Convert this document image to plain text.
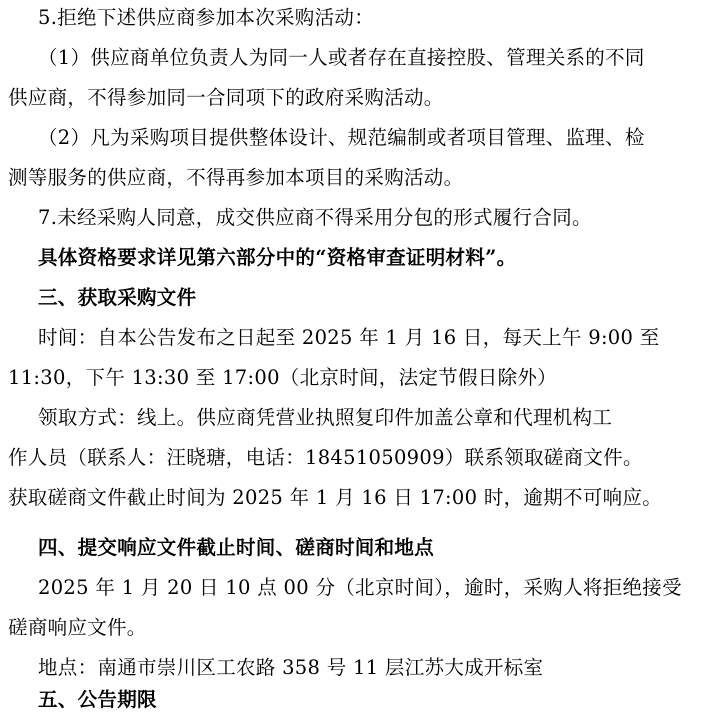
5.拒绝下述供应商参加本次采购活动：
（1）供应商单位负责人为同一人或者存在直接控股、管理关系的不同
供应商，不得参加同一合同项下的政府采购活动。
（2）凡为采购项目提供整体设计、规范编制或者项目管理、监理、检
测等服务的供应商，不得再参加本项目的采购活动。
7.未经采购人同意，成交供应商不得采用分包的形式履行合同。
具体资格要求详见第六部分中的“资格审查证明材料”。
三、获取采购文件
时间：自本公告发布之日起至 2025 年 1 月 16 日，每天上午 9:00 至
11:30，下午 13:30 至 17:00（北京时间，法定节假日除外）
领取方式：线上。供应商凭营业执照复印件加盖公章和代理机构工
作人员（联系人：汪晓瑭，电话：18451050909）联系领取磋商文件。
获取磋商文件截止时间为 2025 年 1 月 16 日 17:00 时，逾期不可响应。
四、提交响应文件截止时间、磋商时间和地点
2025 年 1 月 20 日 10 点 00 分（北京时间），逾时，采购人将拒绝接受
磋商响应文件。
地点：南通市崇川区工农路 358 号 11 层江苏大成开标室
五、公告期限
